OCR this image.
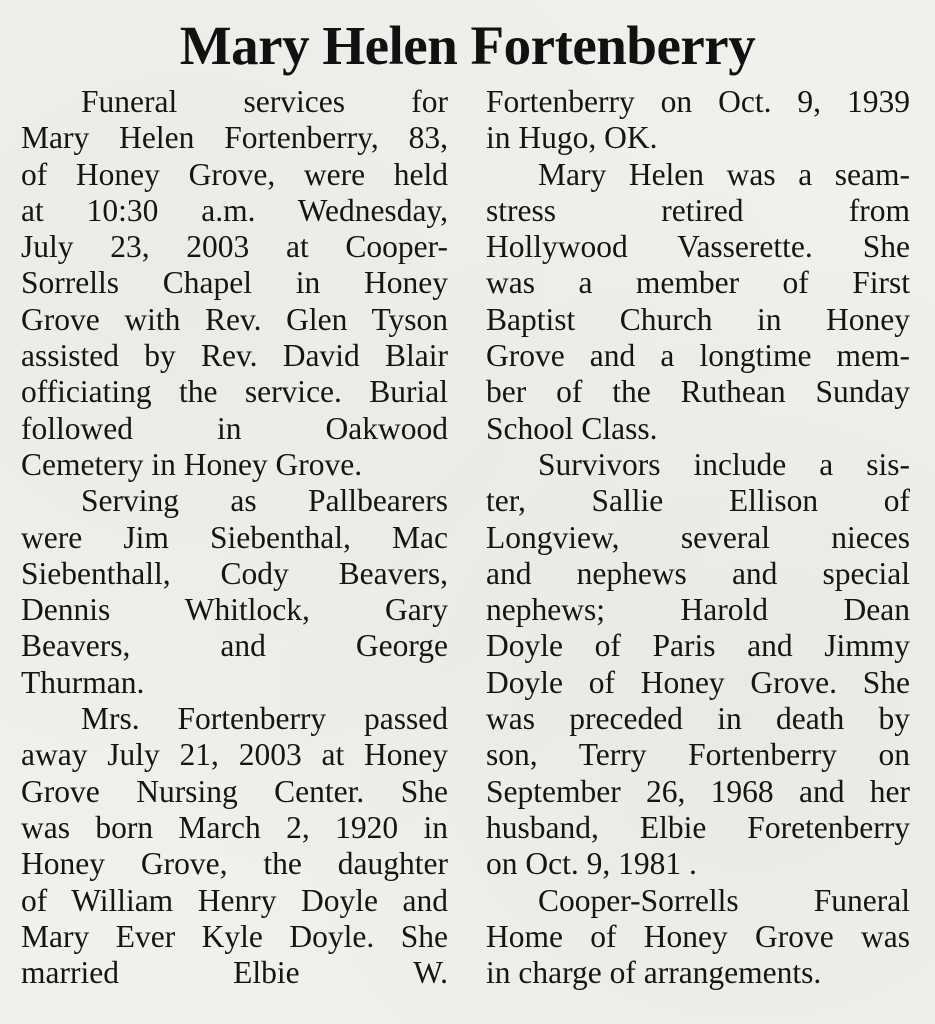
Mary Helen Fortenberry
Funeral services for
Mary Helen Fortenberry, 83,
of Honey Grove, were held
at 10:30 a.m. Wednesday,
July 23, 2003 at Cooper-
Sorrells Chapel in Honey
Grove with Rev. Glen Tyson
assisted by Rev. David Blair
officiating the service. Burial
followed in Oakwood
Cemetery in Honey Grove.
Serving as Pallbearers
were Jim Siebenthal, Mac
Siebenthall, Cody Beavers,
Dennis Whitlock, Gary
Beavers, and George
Thurman.
Mrs. Fortenberry passed
away July 21, 2003 at Honey
Grove Nursing Center. She
was born March 2, 1920 in
Honey Grove, the daughter
of William Henry Doyle and
Mary Ever Kyle Doyle. She
married Elbie W.
Fortenberry on Oct. 9, 1939
in Hugo, OK.
Mary Helen was a seam-
stress retired from
Hollywood Vasserette. She
was a member of First
Baptist Church in Honey
Grove and a longtime mem-
ber of the Ruthean Sunday
School Class.
Survivors include a sis-
ter, Sallie Ellison of
Longview, several nieces
and nephews and special
nephews; Harold Dean
Doyle of Paris and Jimmy
Doyle of Honey Grove. She
was preceded in death by
son, Terry Fortenberry on
September 26, 1968 and her
husband, Elbie Foretenberry
on Oct. 9, 1981 .
Cooper-Sorrells Funeral
Home of Honey Grove was
in charge of arrangements.
